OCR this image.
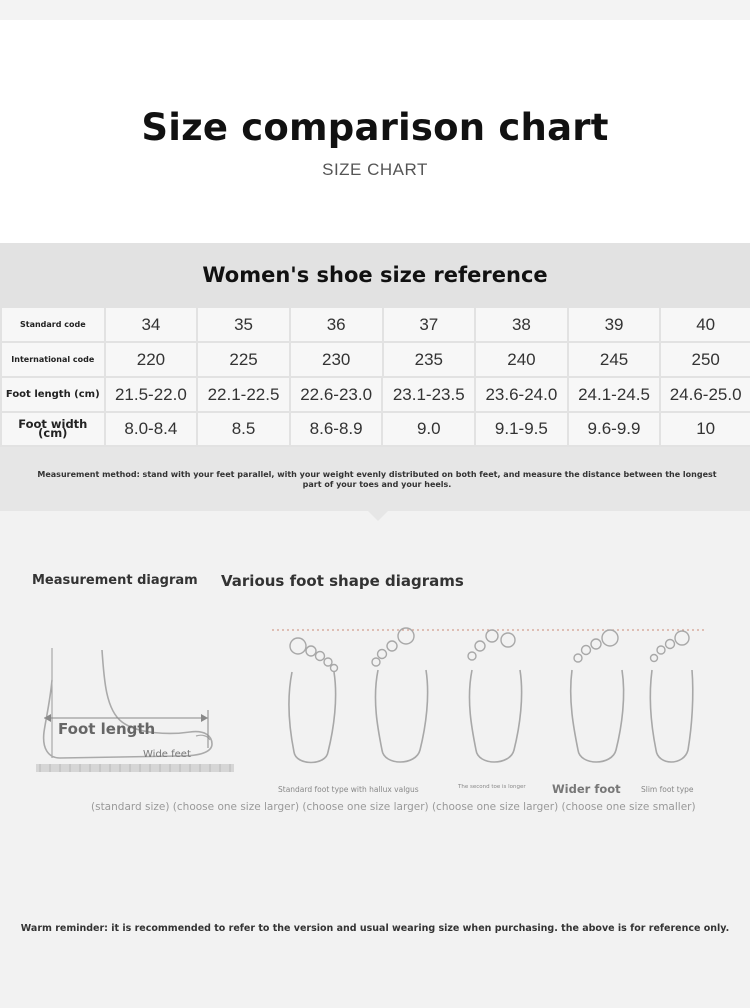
Size comparison chart
SIZE CHART
Women's shoe size reference
Standard code	34	35	36	37	38	39	40
International code	220	225	230	235	240	245	250
Foot length (cm) 21.5-22.0	22.1-22.5	22.6-23.0	23.1-23.5	23.6-24.0	24.1-24.5	24.6-25.0
Foot width (cm)	8.0-8.4	8.5	8.6-8.9	9.0	9.1-9.5	9.6-9.9	10
Measurement method: stand with your feet parallel, with your weight evenly distributed on both feet, and measure the distance between the longest part of your toes and your heels.
Measurement diagram Various foot shape diagrams
Foot length
Wide feet
Standard foot type with hallux valgus	The second toe is longer Wider foot	Slim foot type
(standard size) (choose one size larger) (choose one size larger) (choose one size larger) (choose one size smaller)
Warm reminder: it is recommended to refer to the version and usual wearing size when purchasing. the above is for reference only.
